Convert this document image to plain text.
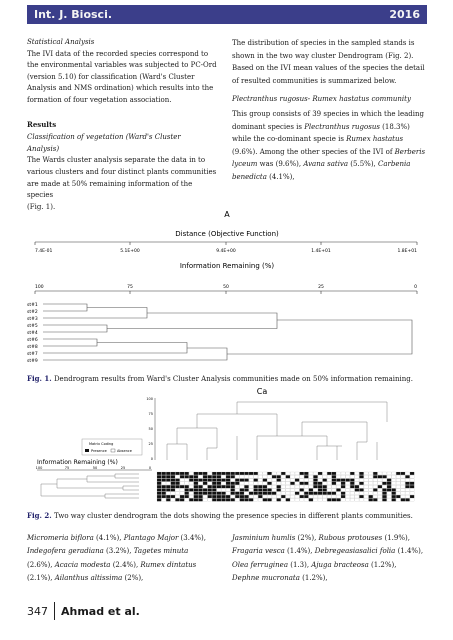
Int. J. Biosci.	2016

Statistical Analysis

The IVI data of the recorded species correspond to

the environmental variables was subjected to PC-Ord

(version 5.10) for classification (Ward's Cluster

Analysis and NMS ordination) which results into the

formation of four vegetation association.

Results

Classification of vegetation (Ward's Cluster

Analysis)

The Wards cluster analysis separate the data in to

various clusters and four distinct plants communities

are made at 50% remaining information of the species

(Fig. 1).

The distribution of species in the sampled stands is

shown in the two way cluster Dendrogram (Fig. 2).

Based on the IVI mean values of the species the detail

of resulted communities is summarized below.

Plectranthus rugosus- Rumex hastatus community

This group consists of 39 species in which the leading

dominant species is Plectranthus rugosus (18.3%)

while the co-dominant specie is Rumex hastatus

(9.6%). Among the other species of the IVI of Berberis

lyceum was (9.6%), Avana sativa (5.5%), Carbenia

benedicta (4.1%),

A
Distance (Objective Function)
7.4E-01	5.1E+00	9.4E+00	1.4E+01	1.8E+01
Information Remaining (%)
100	75	50	25	0
st#1
st#2
st#3
st#5
st#4
st#6
st#8
st#7
st#9
Fig. 1. Dendrogram results from Ward's Cluster Analysis communities made on 50% information remaining.
Ca
100
75
50
25
0
Matrix Coding
Presence	Absence
Information Remaining (%)
100	75	50	25	0
Fig. 2. Two way cluster dendrogram the dots showing the presence species in different plants communities.

Micromeria biflora (4.1%), Plantago Major (3.4%),

Indegofera geradiana (3.2%), Tagetes minuta

(2.6%), Acacia modesta (2.4%), Rumex dintatus

(2.1%), Ailanthus altissima (2%),

Jasminium humlis (2%), Rubous protouses (1.9%),

Fragaria vesca (1.4%), Debregeasiasalici folia (1.4%),

Olea ferruginea (1.3), Ajuga bracteosa (1.2%),

Dephne mucronata (1.2%),

347 Ahmad et al.
